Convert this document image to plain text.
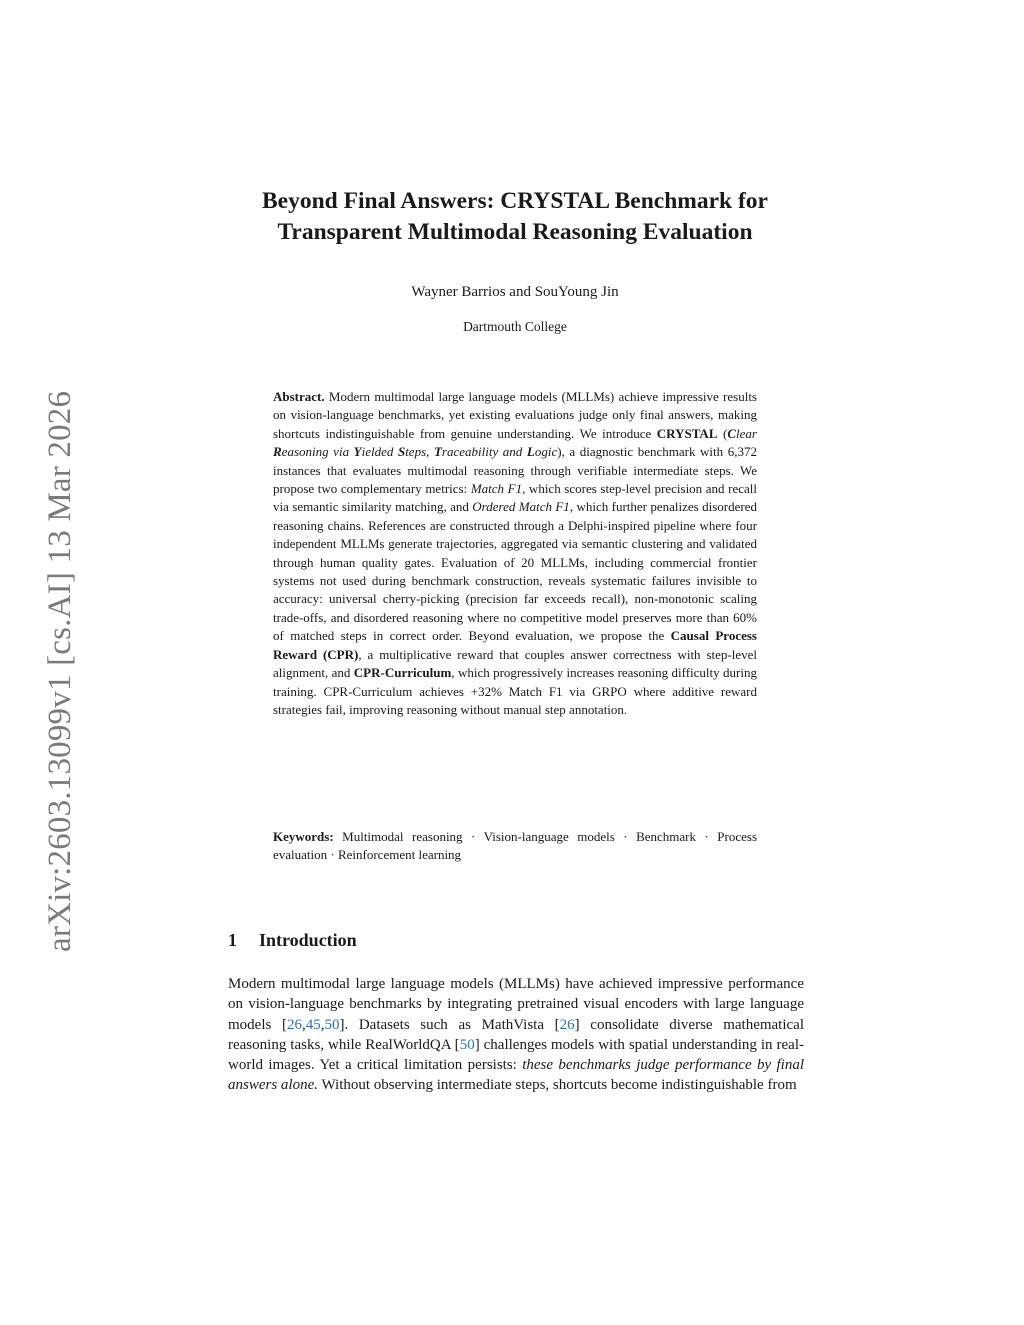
arXiv:2603.13099v1 [cs.AI] 13 Mar 2026
Beyond Final Answers: CRYSTAL Benchmark for
Transparent Multimodal Reasoning Evaluation
Wayner Barrios and SouYoung Jin
Dartmouth College
Abstract. Modern multimodal large language models (MLLMs) achieve impressive results on vision-language benchmarks, yet existing evaluations judge only final answers, making shortcuts indistinguishable from genuine understanding. We introduce CRYSTAL (Clear Reasoning via Yielded Steps, Traceability and Logic), a diagnostic benchmark with 6,372 instances that evaluates multimodal reasoning through verifiable intermediate steps. We propose two complementary metrics: Match F1, which scores step-level precision and recall via semantic similarity matching, and Ordered Match F1, which further penalizes disordered reasoning chains. References are constructed through a Delphi-inspired pipeline where four independent MLLMs generate trajectories, aggregated via semantic clustering and validated through human quality gates. Evaluation of 20 MLLMs, including commercial frontier systems not used during benchmark construction, reveals systematic failures invisible to accuracy: universal cherry-picking (precision far exceeds recall), non-monotonic scaling trade-offs, and disordered reasoning where no competitive model preserves more than 60% of matched steps in correct order. Beyond evaluation, we propose the Causal Process Reward (CPR), a multiplicative reward that couples answer correctness with step-level alignment, and CPR-Curriculum, which progressively increases reasoning difficulty during training. CPR-Curriculum achieves +32% Match F1 via GRPO where additive reward strategies fail, improving reasoning without manual step annotation.
Keywords: Multimodal reasoning · Vision-language models · Benchmark · Process evaluation · Reinforcement learning
1 Introduction
Modern multimodal large language models (MLLMs) have achieved impressive performance on vision-language benchmarks by integrating pretrained visual encoders with large language models [26,45,50]. Datasets such as MathVista [26] consolidate diverse mathematical reasoning tasks, while RealWorldQA [50] challenges models with spatial understanding in real-world images. Yet a critical limitation persists: these benchmarks judge performance by final answers alone. Without observing intermediate steps, shortcuts become indistinguishable from
